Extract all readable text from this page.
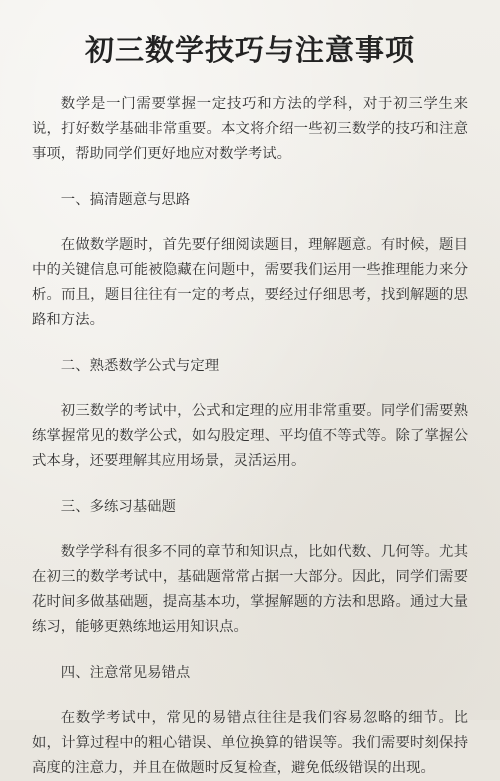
初三数学技巧与注意事项

数学是一门需要掌握一定技巧和方法的学科，对于初三学生来说，打好数学基础非常重要。本文将介绍一些初三数学的技巧和注意事项，帮助同学们更好地应对数学考试。

一、搞清题意与思路

在做数学题时，首先要仔细阅读题目，理解题意。有时候，题目中的关键信息可能被隐藏在问题中，需要我们运用一些推理能力来分析。而且，题目往往有一定的考点，要经过仔细思考，找到解题的思路和方法。

二、熟悉数学公式与定理

初三数学的考试中，公式和定理的应用非常重要。同学们需要熟练掌握常见的数学公式，如勾股定理、平均值不等式等。除了掌握公式本身，还要理解其应用场景，灵活运用。

三、多练习基础题

数学学科有很多不同的章节和知识点，比如代数、几何等。尤其在初三的数学考试中，基础题常常占据一大部分。因此，同学们需要花时间多做基础题，提高基本功，掌握解题的方法和思路。通过大量练习，能够更熟练地运用知识点。

四、注意常见易错点

在数学考试中，常见的易错点往往是我们容易忽略的细节。比如，计算过程中的粗心错误、单位换算的错误等。我们需要时刻保持高度的注意力，并且在做题时反复检查，避免低级错误的出现。
